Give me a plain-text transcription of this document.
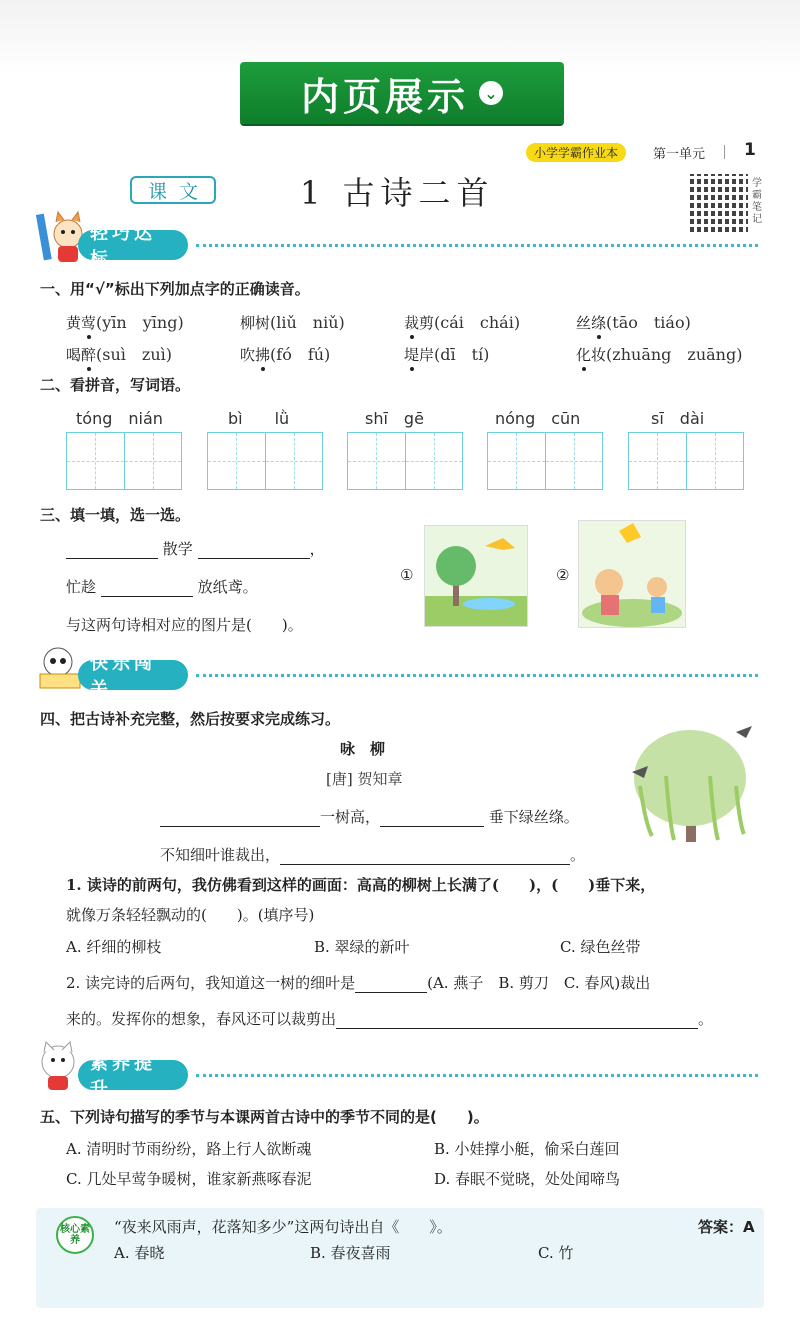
内页展示 ⌄
小学学霸作业本	第一单元 1
课文	1 古诗二首	学霸笔记
轻巧达标
一、用“√”标出下列加点字的正确读音。
黄莺(yīn　yīng)	柳树(liǔ　niǔ)	裁剪(cái　chái)	丝绦(tāo　tiáo)
喝醉(suì　zuì)	吹拂(fó　fú)	堤岸(dī　tí)	化妆(zhuāng　zuāng)
二、看拼音，写词语。
tóng　nián	bì　　lǜ	shī　gē	nóng　cūn	sī　dài
三、填一填，选一选。
散学	，
忙趁	放纸鸢。
与这两句诗相对应的图片是(　　)。
①	②
快乐闯关
四、把古诗补充完整，然后按要求完成练习。
咏　柳
[唐] 贺知章
一树高，	垂下绿丝绦。
不知细叶谁裁出，	。
1. 读诗的前两句，我仿佛看到这样的画面：高高的柳树上长满了(　　)，(　　)垂下来，
就像万条轻轻飘动的(　　)。(填序号)
A. 纤细的柳枝	B. 翠绿的新叶	C. 绿色丝带
2. 读完诗的后两句，我知道这一树的细叶是	(A. 燕子　B. 剪刀　C. 春风)裁出
来的。发挥你的想象，春风还可以裁剪出	。
素养提升
五、下列诗句描写的季节与本课两首古诗中的季节不同的是(　　)。
A. 清明时节雨纷纷，路上行人欲断魂	B. 小娃撑小艇，偷采白莲回
C. 几处早莺争暖树，谁家新燕啄春泥	D. 春眠不觉晓，处处闻啼鸟
核心素养
“夜来风雨声，花落知多少”这两句诗出自《　　》。	答案：A
A. 春晓	B. 春夜喜雨	C. 竹
